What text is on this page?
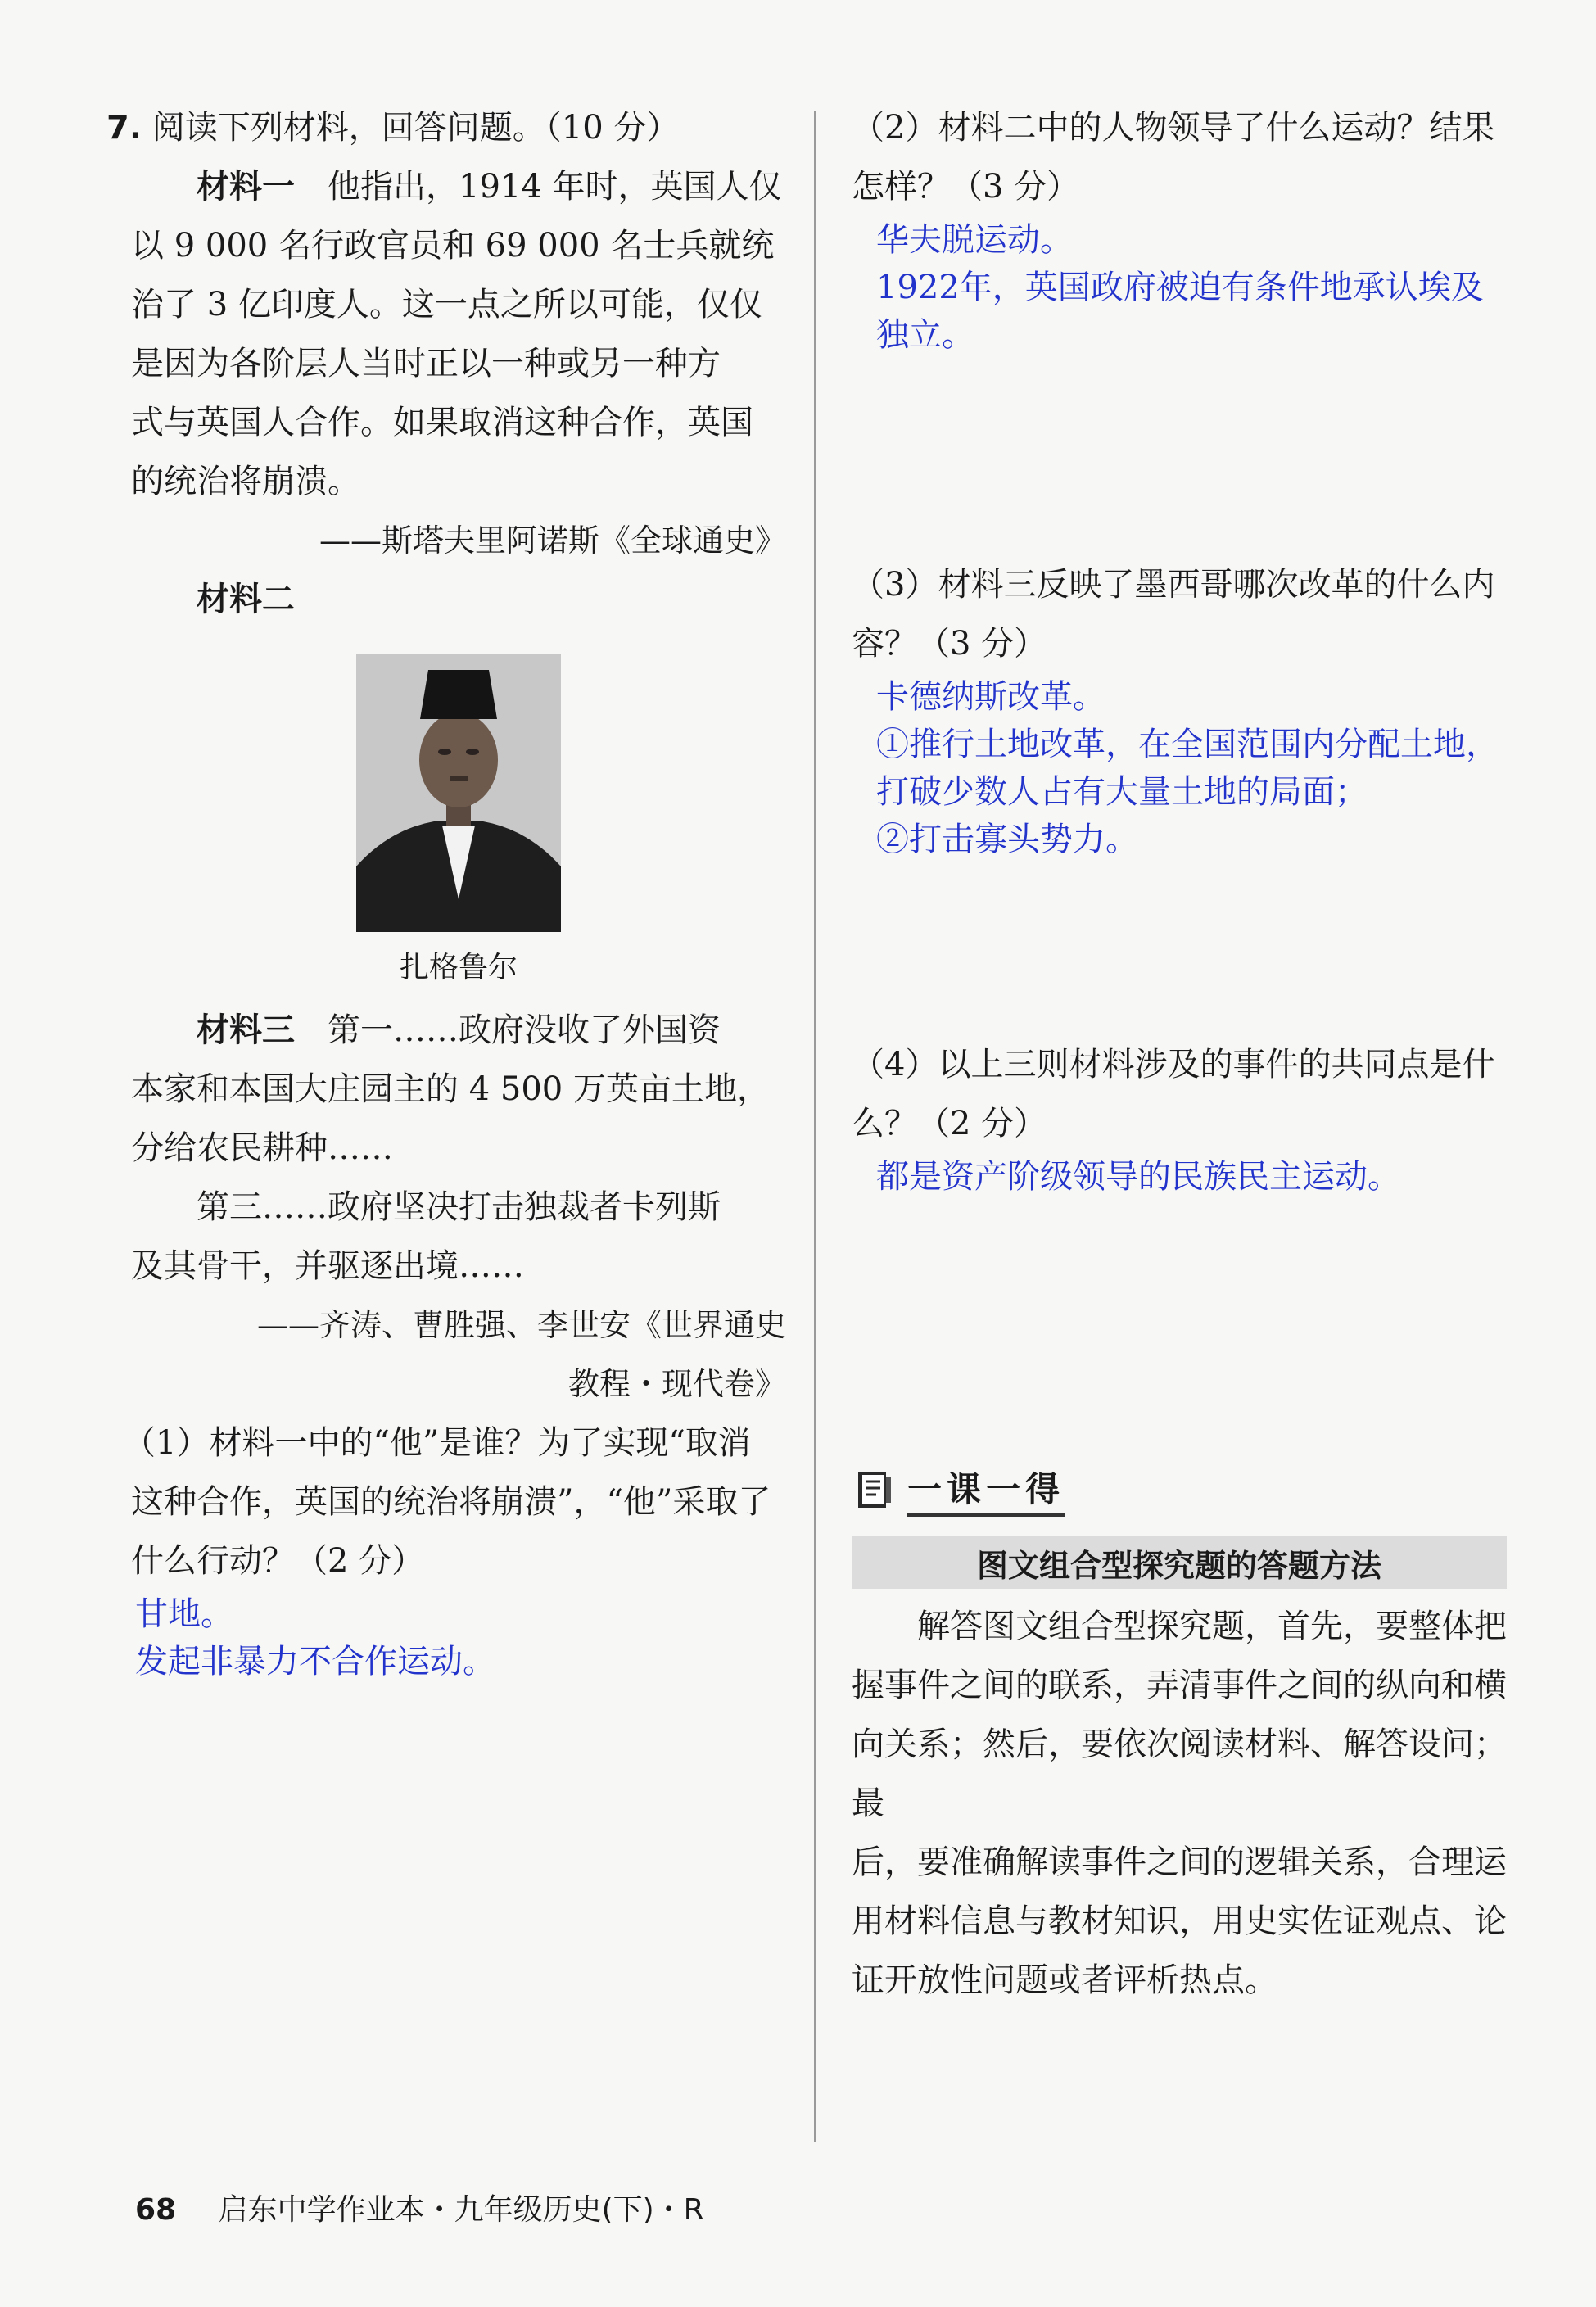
7. 阅读下列材料，回答问题。（10 分）
材料一 他指出，1914 年时，英国人仅
以 9 000 名行政官员和 69 000 名士兵就统
治了 3 亿印度人。这一点之所以可能，仅仅
是因为各阶层人当时正以一种或另一种方
式与英国人合作。如果取消这种合作，英国
的统治将崩溃。
——斯塔夫里阿诺斯《全球通史》
材料二
扎格鲁尔
材料三 第一……政府没收了外国资
本家和本国大庄园主的 4 500 万英亩土地，
分给农民耕种……
第三……政府坚决打击独裁者卡列斯
及其骨干，并驱逐出境……
——齐涛、曹胜强、李世安《世界通史
教程・现代卷》
（1）材料一中的“他”是谁？为了实现“取消
这种合作，英国的统治将崩溃”，“他”采取了
什么行动？（2 分）
甘地。
发起非暴力不合作运动。
（2）材料二中的人物领导了什么运动？结果
怎样？（3 分）
华夫脱运动。
1922年，英国政府被迫有条件地承认埃及
独立。
（3）材料三反映了墨西哥哪次改革的什么内
容？（3 分）
卡德纳斯改革。
①推行土地改革，在全国范围内分配土地，
打破少数人占有大量土地的局面；
②打击寡头势力。
（4）以上三则材料涉及的事件的共同点是什
么？（2 分）
都是资产阶级领导的民族民主运动。
一课一得
图文组合型探究题的答题方法
解答图文组合型探究题，首先，要整体把
握事件之间的联系，弄清事件之间的纵向和横
向关系；然后，要依次阅读材料、解答设问；最
后，要准确解读事件之间的逻辑关系，合理运
用材料信息与教材知识，用史实佐证观点、论
证开放性问题或者评析热点。
68 启东中学作业本・九年级历史(下)・R
